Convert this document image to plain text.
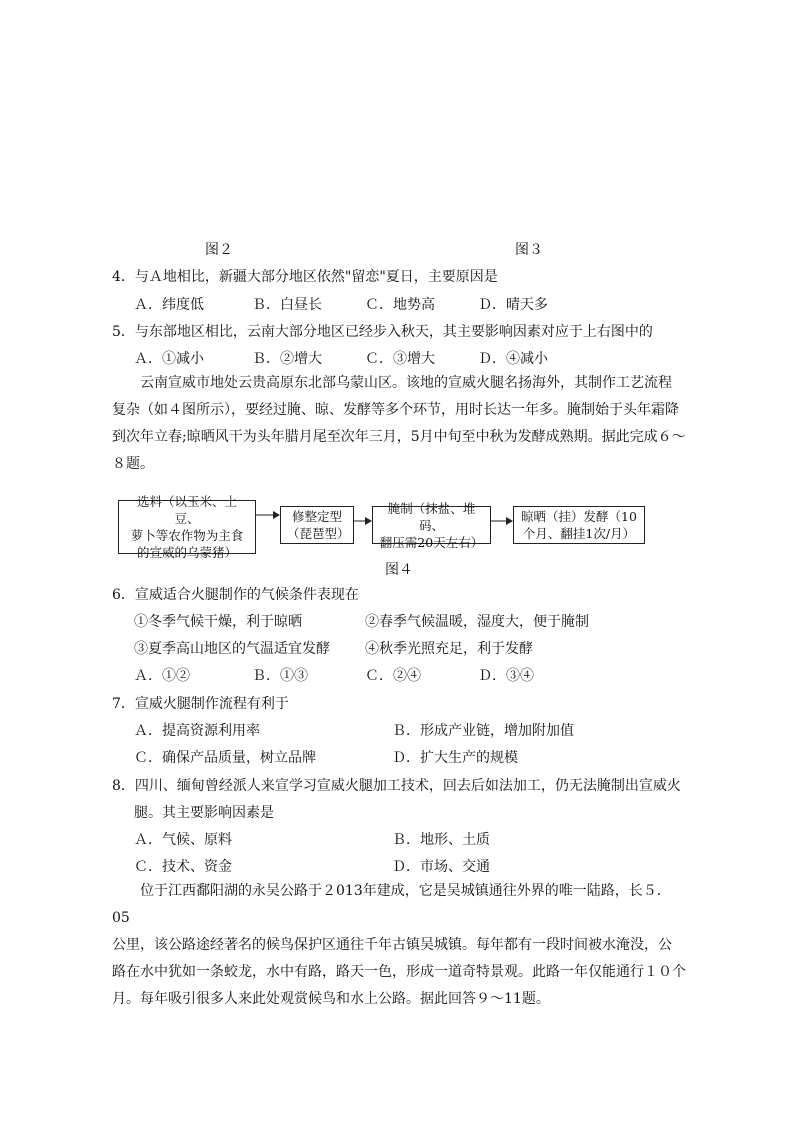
图２	图３
4．与Ａ地相比，新疆大部分地区依然"留恋"夏日，主要原因是
Ａ．纬度低	Ｂ．白昼长	Ｃ．地势高	Ｄ．晴天多
5．与东部地区相比，云南大部分地区已经步入秋天，其主要影响因素对应于上右图中的
Ａ．①减小	Ｂ．②增大	Ｃ．③增大	Ｄ．④减小
云南宣威市地处云贵高原东北部乌蒙山区。该地的宣威火腿名扬海外，其制作工艺流程
复杂（如４图所示），要经过腌、晾、发酵等多个环节，用时长达一年多。腌制始于头年霜降
到次年立春;晾晒风干为头年腊月尾至次年三月，5月中旬至中秋为发酵成熟期。据此完成６～
８题。
选料（以玉米、土豆、
萝卜等农作物为主食
的宣威的乌蒙猪）
修整定型
（琵琶型）
腌制（抹盐、堆码、
翻压需20天左右）
晾晒（挂）发酵（10
个月、翻挂1次/月）
图４
6．宣威适合火腿制作的气候条件表现在
①冬季气候干燥，利于晾晒	②春季气候温暖，湿度大，便于腌制
③夏季高山地区的气温适宜发酵	④秋季光照充足，利于发酵
Ａ．①②	Ｂ．①③	Ｃ．②④	Ｄ．③④
7．宣威火腿制作流程有利于
Ａ．提高资源利用率	Ｂ．形成产业链，增加附加值
Ｃ．确保产品质量，树立品牌	Ｄ．扩大生产的规模
8．四川、缅甸曾经派人来宣学习宣威火腿加工技术，回去后如法加工，仍无法腌制出宣威火
腿。其主要影响因素是
Ａ．气候、原料	Ｂ．地形、土质
Ｃ．技术、资金	Ｄ．市场、交通
位于江西鄱阳湖的永吴公路于２013年建成，它是吴城镇通往外界的唯一陆路，长５．05
公里，该公路途经著名的候鸟保护区通往千年古镇吴城镇。每年都有一段时间被水淹没，公
路在水中犹如一条蛟龙，水中有路，路天一色，形成一道奇特景观。此路一年仅能通行１０个
月。每年吸引很多人来此处观赏候鸟和水上公路。据此回答９～11题。
